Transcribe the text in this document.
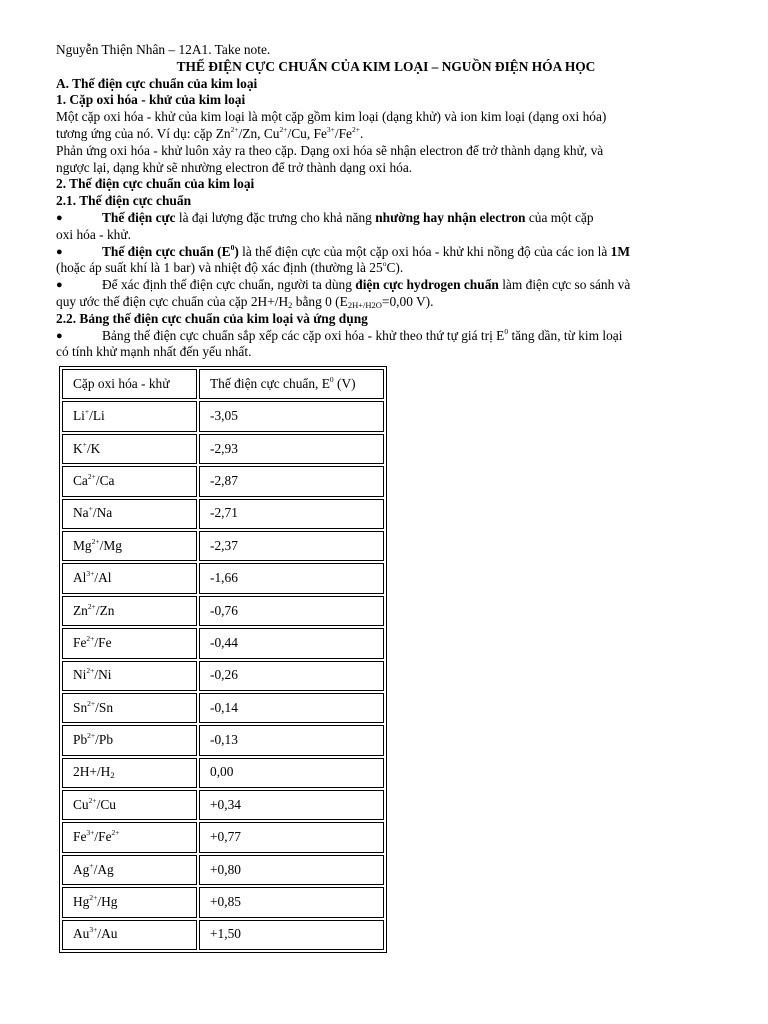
Nguyễn Thiện Nhân – 12A1. Take note.
THẾ ĐIỆN CỰC CHUẨN CỦA KIM LOẠI – NGUỒN ĐIỆN HÓA HỌC
A. Thế điện cực chuẩn của kim loại
1. Cặp oxi hóa - khử của kim loại
Một cặp oxi hóa - khử của kim loại là một cặp gồm kim loại (dạng khử) và ion kim loại (dạng oxi hóa)
tương ứng của nó. Ví dụ: cặp $Zn^{2+}/Zn$, $Cu^{2+}/Cu$, $Fe^{3+}/Fe^{2+}$.
Phản ứng oxi hóa - khử luôn xảy ra theo cặp. Dạng oxi hóa sẽ nhận electron để trở thành dạng khử, và
ngược lại, dạng khử sẽ nhường electron để trở thành dạng oxi hóa.
2. Thế điện cực chuẩn của kim loại
2.1. Thế điện cực chuẩn
●	Thế điện cực là đại lượng đặc trưng cho khả năng nhường hay nhận electron của một cặp
oxi hóa - khử.
●	Thế điện cực chuẩn $(E^0)$ là thế điện cực của một cặp oxi hóa - khử khi nồng độ của các ion là 1M
(hoặc áp suất khí là 1 bar) và nhiệt độ xác định (thường là 25$^o$C).
●	Để xác định thế điện cực chuẩn, người ta dùng điện cực hydrogen chuẩn làm điện cực so sánh và
quy ước thế điện cực chuẩn của cặp $2H+/H_2$ bằng 0 ($E_{2H+/H2O}=0,00$ V).
2.2. Bảng thế điện cực chuẩn của kim loại và ứng dụng
●	Bảng thế điện cực chuẩn sắp xếp các cặp oxi hóa - khử theo thứ tự giá trị $E^0$ tăng dần, từ kim loại
có tính khử mạnh nhất đến yếu nhất.
Cặp oxi hóa - khử	Thế điện cực chuẩn, $E^0$ (V)
Li+/Li	-3,05
K+/K	-2,93
$Ca^{2+}/Ca$	-2,87
Na+/Na	-2,71
$Mg^{2+}/Mg$	-2,37
$Al^{3+}/Al$	-1,66
$Zn^{2+}/Zn$	-0,76
$Fe^{2+}/Fe$	-0,44
$Ni^{2+}/Ni$	-0,26
$Sn^{2+}/Sn$	-0,14
$Pb^{2+}/Pb$	-0,13
$2H+/H_2$	0,00
$Cu^{2+}/Cu$	+0,34
$Fe^{3+}/Fe^{2+}$	+0,77
Ag+/Ag	+0,80
$Hg^{2+}/Hg$	+0,85
$Au^{3+}/Au$	+1,50
